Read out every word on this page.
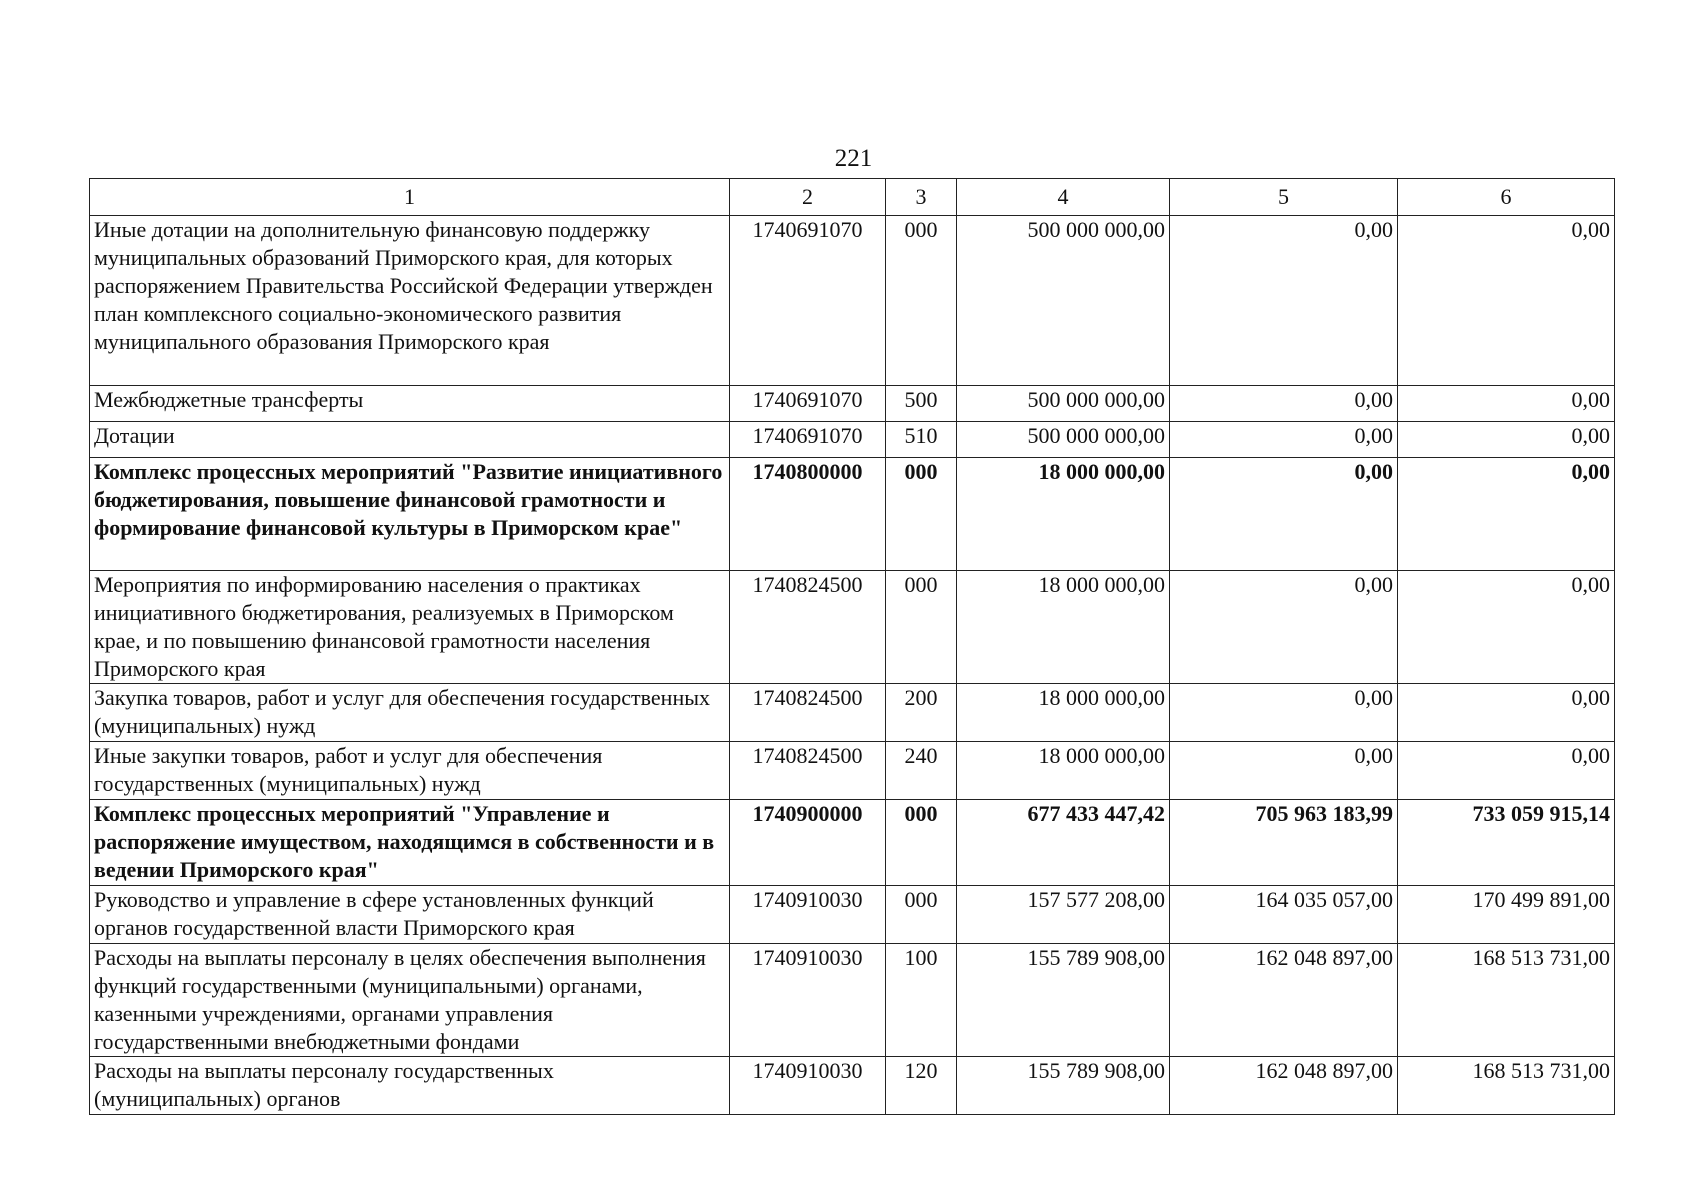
221
1	2	3	4	5	6
Иные дотации на дополнительную финансовую поддержку муниципальных образований Приморского края, для которых распоряжением Правительства Российской Федерации утвержден план комплексного социально-экономического развития муниципального образования Приморского края	1740691070	000	500 000 000,00	0,00	0,00
Межбюджетные трансферты	1740691070	500	500 000 000,00	0,00	0,00
Дотации	1740691070	510	500 000 000,00	0,00	0,00
Комплекс процессных мероприятий "Развитие инициативного бюджетирования, повышение финансовой грамотности и формирование финансовой культуры в Приморском крае"	1740800000	000	18 000 000,00	0,00	0,00
Мероприятия по информированию населения о практиках инициативного бюджетирования, реализуемых в Приморском крае, и по повышению финансовой грамотности населения Приморского края	1740824500	000	18 000 000,00	0,00	0,00
Закупка товаров, работ и услуг для обеспечения государственных (муниципальных) нужд	1740824500	200	18 000 000,00	0,00	0,00
Иные закупки товаров, работ и услуг для обеспечения государственных (муниципальных) нужд	1740824500	240	18 000 000,00	0,00	0,00
Комплекс процессных мероприятий "Управление и распоряжение имуществом, находящимся в собственности и в ведении Приморского края"	1740900000	000	677 433 447,42	705 963 183,99	733 059 915,14
Руководство и управление в сфере установленных функций органов государственной власти Приморского края	1740910030	000	157 577 208,00	164 035 057,00	170 499 891,00
Расходы на выплаты персоналу в целях обеспечения выполнения функций государственными (муниципальными) органами, казенными учреждениями, органами управления государственными внебюджетными фондами	1740910030	100	155 789 908,00	162 048 897,00	168 513 731,00
Расходы на выплаты персоналу государственных (муниципальных) органов	1740910030	120	155 789 908,00	162 048 897,00	168 513 731,00
